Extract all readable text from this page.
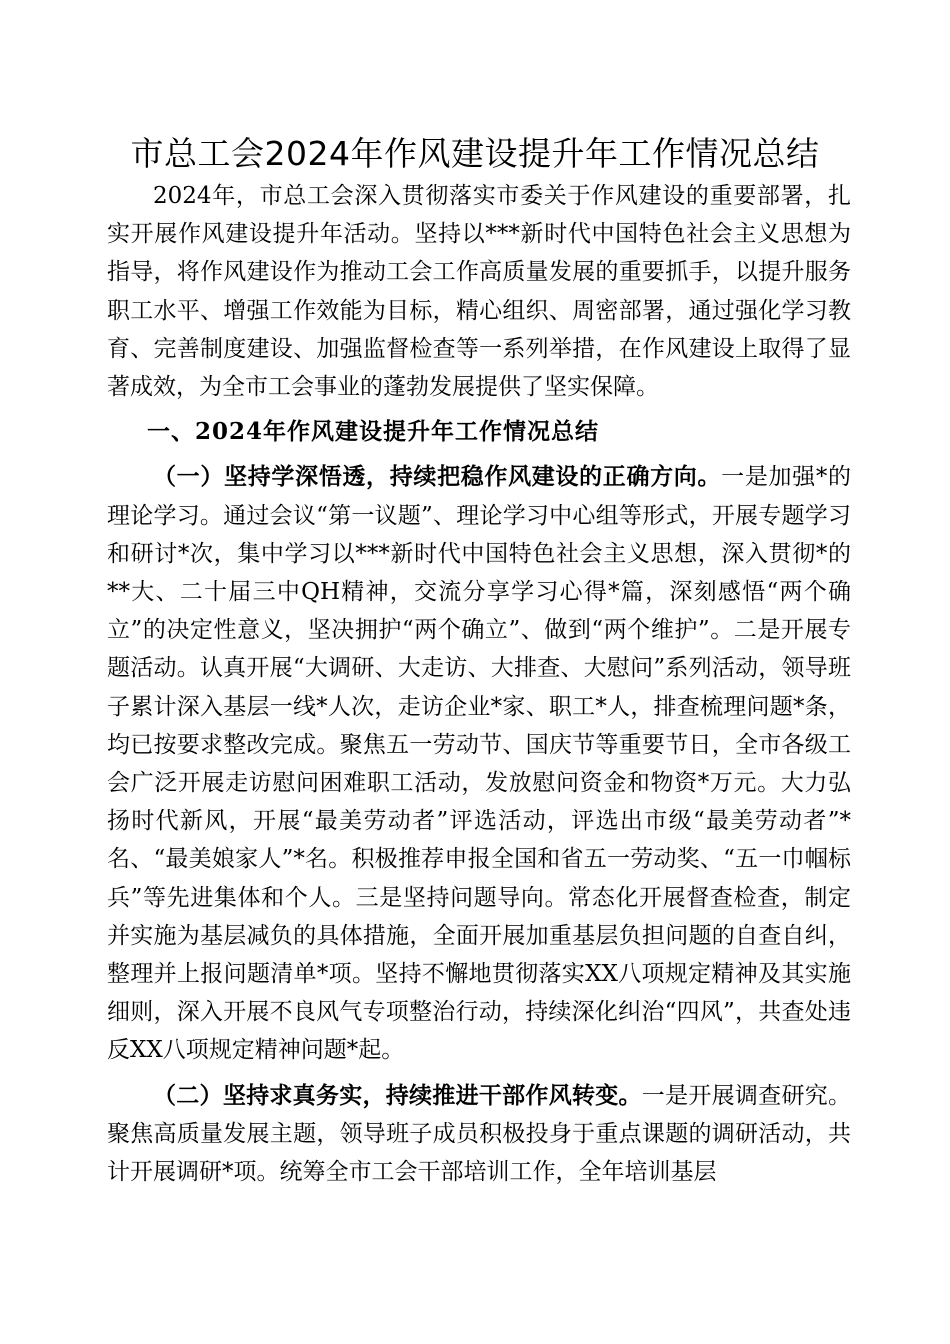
市总工会2024年作风建设提升年工作情况总结

2024年，市总工会深入贯彻落实市委关于作风建设的重要部署，扎实开展作风建设提升年活动。坚持以***新时代中国特色社会主义思想为指导，将作风建设作为推动工会工作高质量发展的重要抓手，以提升服务职工水平、增强工作效能为目标，精心组织、周密部署，通过强化学习教育、完善制度建设、加强监督检查等一系列举措，在作风建设上取得了显著成效，为全市工会事业的蓬勃发展提供了坚实保障。

一、2024年作风建设提升年工作情况总结

（一）坚持学深悟透，持续把稳作风建设的正确方向。一是加强*的理论学习。通过会议“第一议题”、理论学习中心组等形式，开展专题学习和研讨*次，集中学习以***新时代中国特色社会主义思想，深入贯彻*的**大、二十届三中QH精神，交流分享学习心得*篇，深刻感悟“两个确立”的决定性意义，坚决拥护“两个确立”、做到“两个维护”。二是开展专题活动。认真开展“大调研、大走访、大排查、大慰问”系列活动，领导班子累计深入基层一线*人次，走访企业*家、职工*人，排查梳理问题*条，均已按要求整改完成。聚焦五一劳动节、国庆节等重要节日，全市各级工会广泛开展走访慰问困难职工活动，发放慰问资金和物资*万元。大力弘扬时代新风，开展“最美劳动者”评选活动，评选出市级“最美劳动者”*名、“最美娘家人”*名。积极推荐申报全国和省五一劳动奖、“五一巾帼标兵”等先进集体和个人。三是坚持问题导向。常态化开展督查检查，制定并实施为基层减负的具体措施，全面开展加重基层负担问题的自查自纠，整理并上报问题清单*项。坚持不懈地贯彻落实XX八项规定精神及其实施细则，深入开展不良风气专项整治行动，持续深化纠治“四风”，共查处违反XX八项规定精神问题*起。

（二）坚持求真务实，持续推进干部作风转变。一是开展调查研究。聚焦高质量发展主题，领导班子成员积极投身于重点课题的调研活动，共计开展调研*项。统筹全市工会干部培训工作，全年培训基层
